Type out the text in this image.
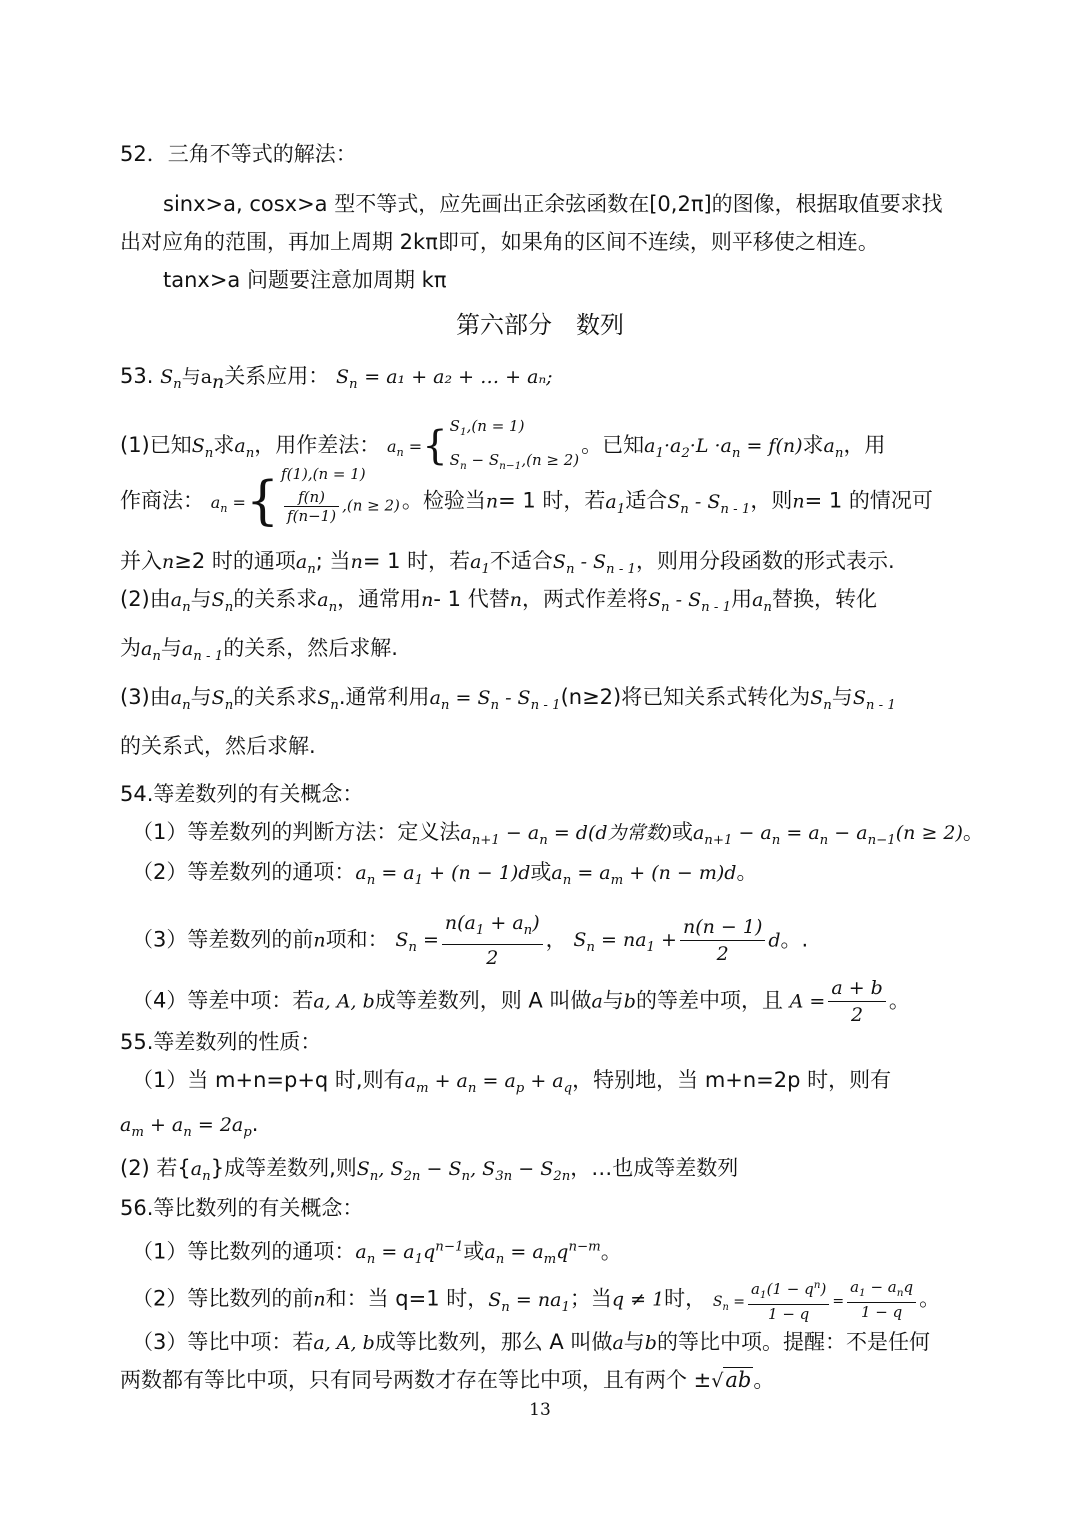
52．三角不等式的解法：
sinx>a, cosx>a 型不等式，应先画出正余弦函数在[0,2π]的图像，根据取值要求找
出对应角的范围，再加上周期 2kπ即可，如果角的区间不连续，则平移使之相连。
tanx>a 问题要注意加周期 kπ
第六部分　数列
53. $S_n$与$a_n$关系应用： $S_n = a_1 + a_2$ + … + aₙ;
(1)已知$S_n$求$a_n$，用作差法： $a_n$ ={ $S_1,(n = 1)$
$S_n - S_{n-1},(n \ge 2)$
。已知$a_1\cdot a_2\cdot L \cdot a_n = f(n)$求$a_n$，用
作商法： $a_n$ ={ f(1),(n = 1)

$\frac{f(n)}{f(n-1)} ,(n \ge 2)$ 。检验当n= 1 时，若$a_1$适合$S_n - S_{n - 1}$，则n= 1 的情况可
并入n≥2 时的通项$a_n$; 当n= 1 时，若$a_1$不适合$S_n - S_{n - 1}$，则用分段函数的形式表示.
(2)由$a_n$与$S_n$的关系求$a_n$，通常用n- 1 代替n，两式作差将$S_n - S_{n - 1}$用$a_n$替换，转化
为$a_n$与$a_{n - 1}$的关系，然后求解.
(3)由$a_n$与$S_n$的关系求$S_n$.通常利用$a_n = S_n - S_{n - 1}(n\ge 2)$将已知关系式转化为$S_n$与$S_{n - 1}$
的关系式，然后求解.
54.等差数列的有关概念：
（1）等差数列的判断方法：定义法$a_{n+1} - a_n = d(d$为常数)或$a_{n+1} - a_n = a_n - a_{n-1}(n \ge 2)$。
（2）等差数列的通项：$a_n = a_1 + (n - 1)d$或$a_n = a_m + (n - m)d$。
（3）等差数列的前n项和： $S_n = \frac{n(a_1 + a_n)}{2}$ ， $S_n = na_1 + \frac{n(n - 1)}{2}$ d。.
（4）等差中项：若a, A, b成等差数列，则 A 叫做a与b的等差中项，且 $A = \frac{a + b}{2}$ 。
55.等差数列的性质：
（1）当 m+n=p+q 时,则有$a_m + a_n = a_p + a_q$，特别地，当 m+n=2p 时，则有
$a_m + a_n = 2a_p$.
(2) 若$\{a_n\}$成等差数列,则$S_n$, $S_{2n} - S_n$, $S_{3n} - S_{2n}$，…也成等差数列
56.等比数列的有关概念：
（1）等比数列的通项：$a_n = a_1q^{n-1}$或$a_n = a_mq^{n-m}$。
（2）等比数列的前n和：当 q=1 时，$S_n = na_1$；当q ≠ 1时， $S_n = \frac{a_1(1 - q^n)}{1 - q} = \frac{a_1 - a_nq}{1 - q}$ 。
（3）等比中项：若a, A, b成等比数列，那么 A 叫做a与b的等比中项。提醒：不是任何
两数都有等比中项，只有同号两数才存在等比中项，且有两个 ±√ab。
13
